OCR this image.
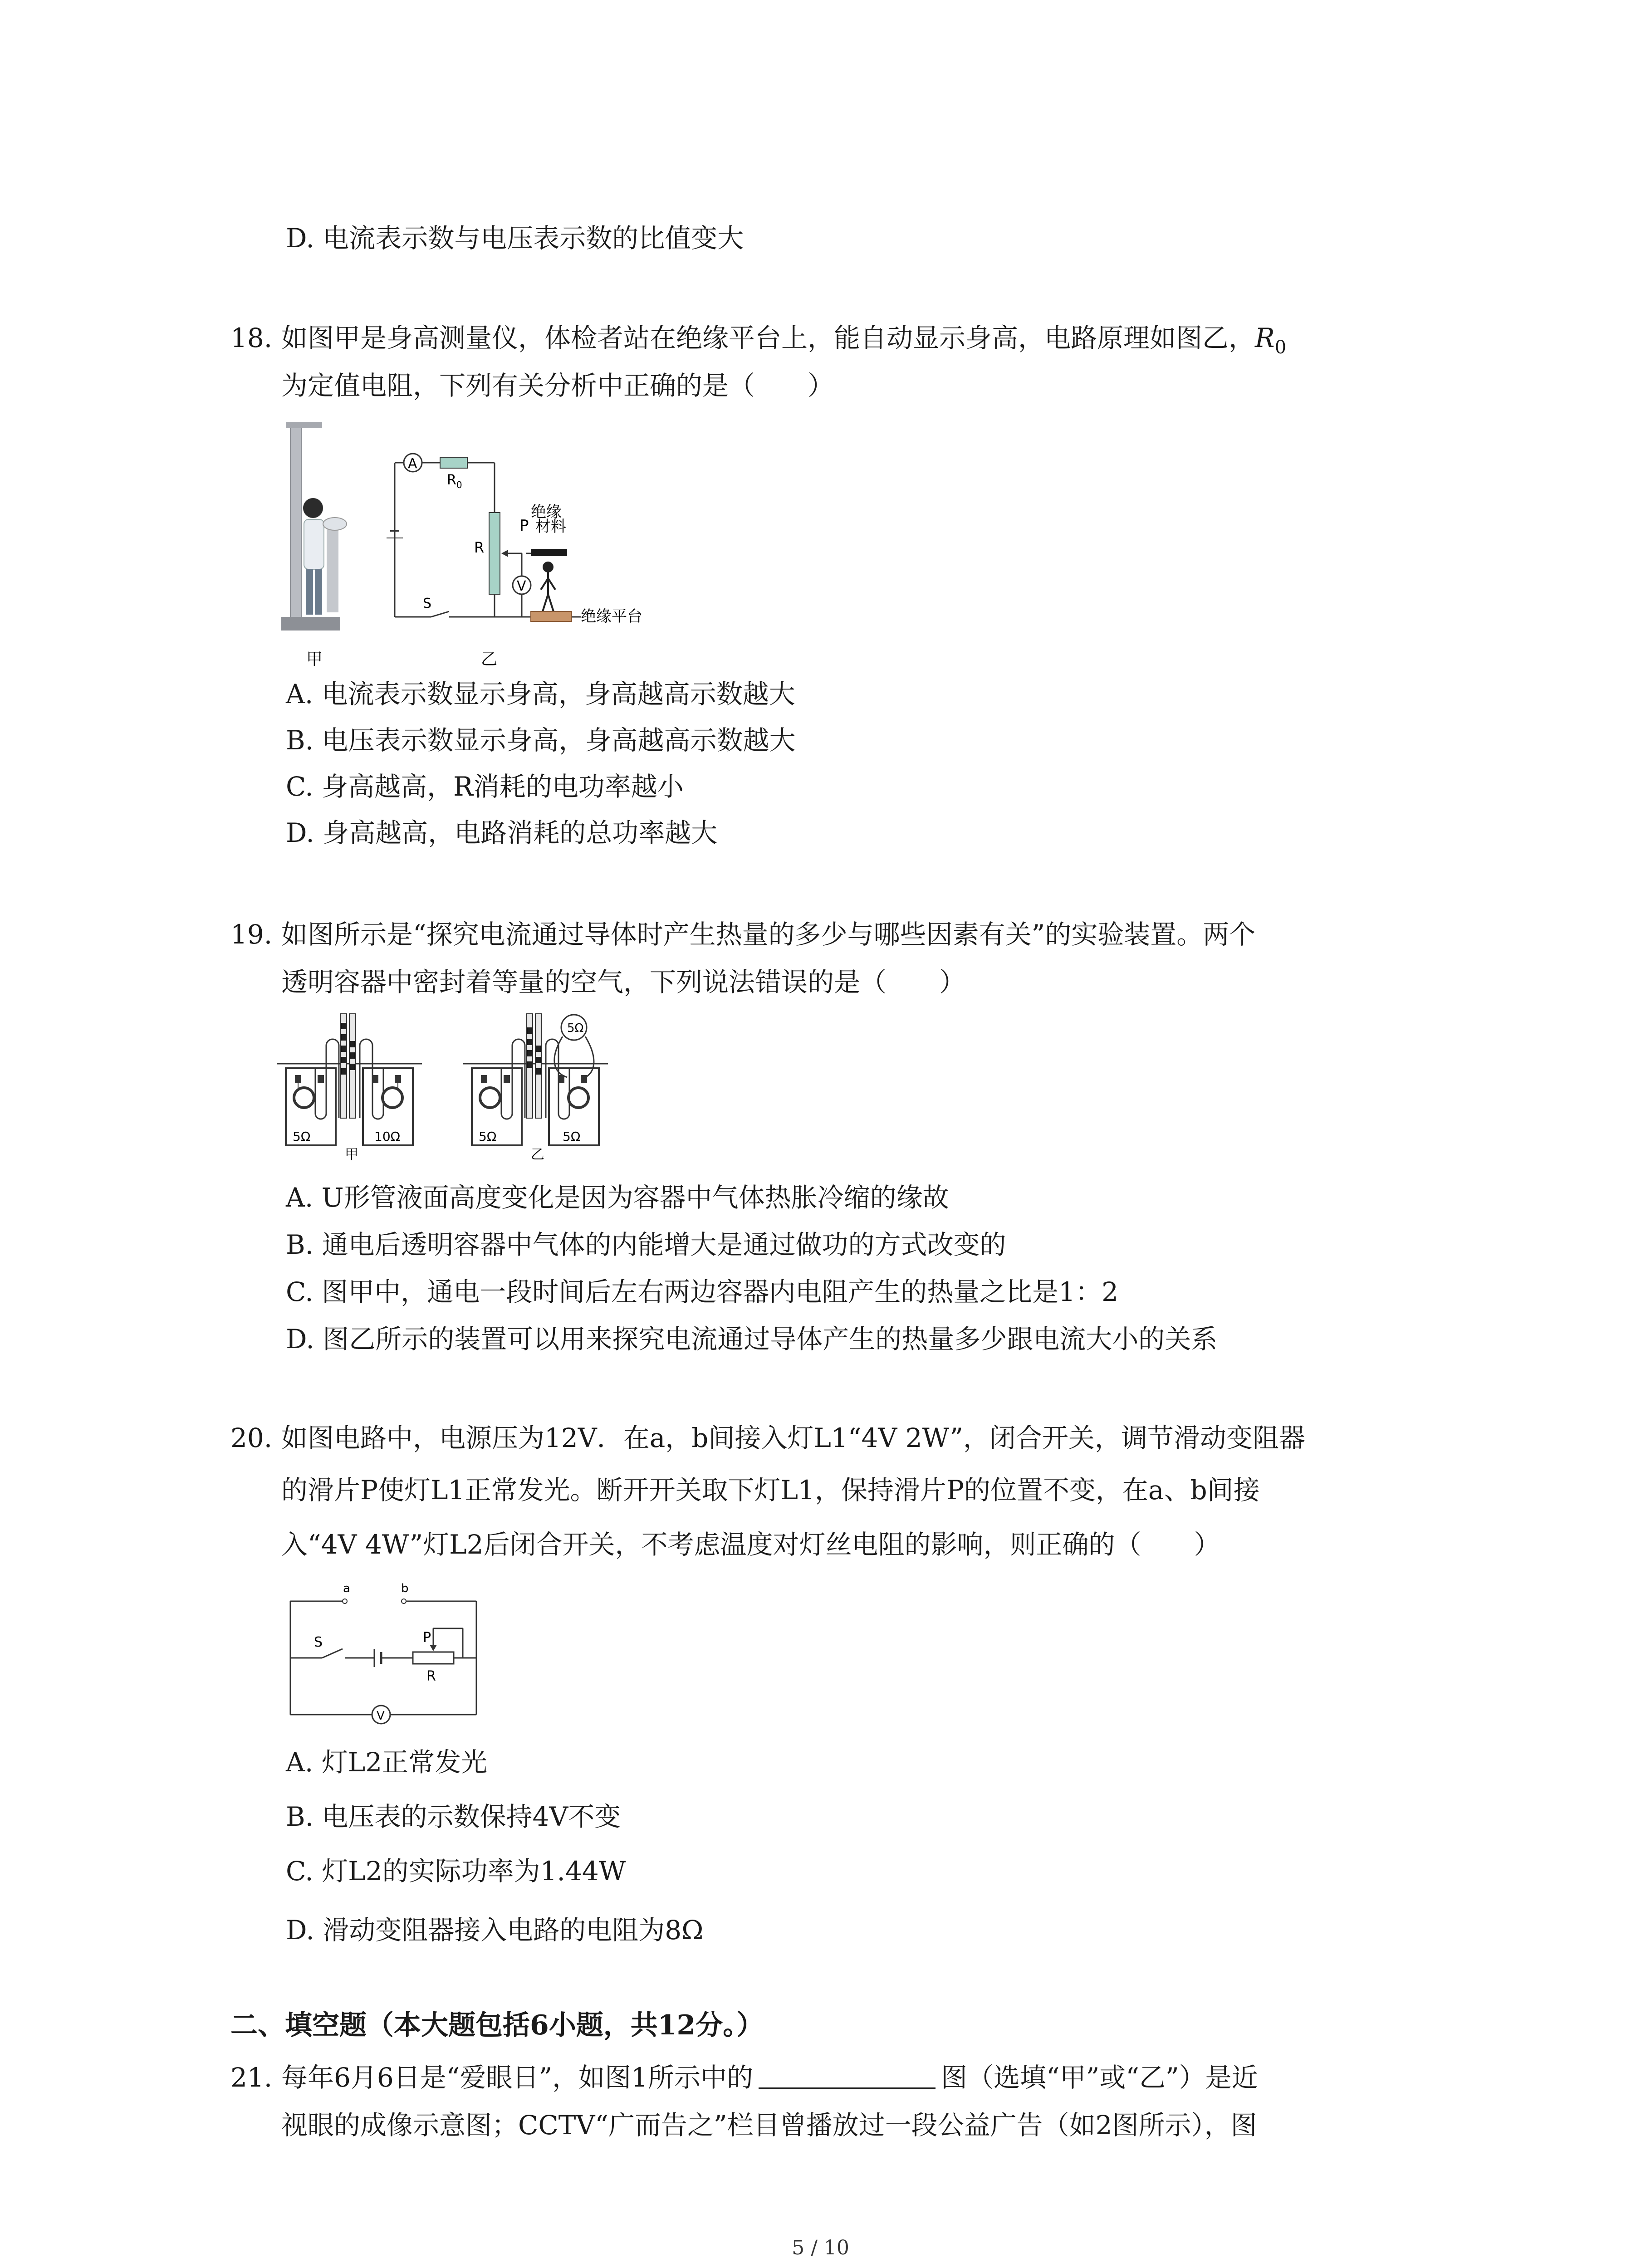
D. 电流表示数与电压表示数的比值变大
18. 如图甲是身高测量仪，体检者站在绝缘平台上，能自动显示身高，电路原理如图乙，$R_0$
为定值电阻，下列有关分析中正确的是（　　）
甲
A
$R_0$
R
V
S
P
绝缘
材料
绝缘平台
乙
A. 电流表示数显示身高，身高越高示数越大
B. 电压表示数显示身高，身高越高示数越大
C. 身高越高，R消耗的电功率越小
D. 身高越高，电路消耗的总功率越大
19. 如图所示是“探究电流通过导体时产生热量的多少与哪些因素有关”的实验装置。两个
透明容器中密封着等量的空气，下列说法错误的是（　　）
5Ω	10Ω
甲
5Ω
5Ω	5Ω
乙
A. U形管液面高度变化是因为容器中气体热胀冷缩的缘故
B. 通电后透明容器中气体的内能增大是通过做功的方式改变的
C. 图甲中，通电一段时间后左右两边容器内电阻产生的热量之比是1：2
D. 图乙所示的装置可以用来探究电流通过导体产生的热量多少跟电流大小的关系
20. 如图电路中，电源压为12V．在a，b间接入灯L1“4V 2W”，闭合开关，调节滑动变阻器
的滑片P使灯L1正常发光。断开开关取下灯L1，保持滑片P的位置不变，在a、b间接
入“4V 4W”灯L2后闭合开关，不考虑温度对灯丝电阻的影响，则正确的（　　）
a	b
S	P
R
V
A. 灯L2正常发光
B. 电压表的示数保持4V不变
C. 灯L2的实际功率为1.44W
D. 滑动变阻器接入电路的电阻为8Ω
二、填空题（本大题包括6小题，共12分。）
21. 每年6月6日是“爱眼日”，如图1所示中的	图（选填“甲”或“乙”）是近
视眼的成像示意图；CCTV“广而告之”栏目曾播放过一段公益广告（如2图所示），图
5 / 10
